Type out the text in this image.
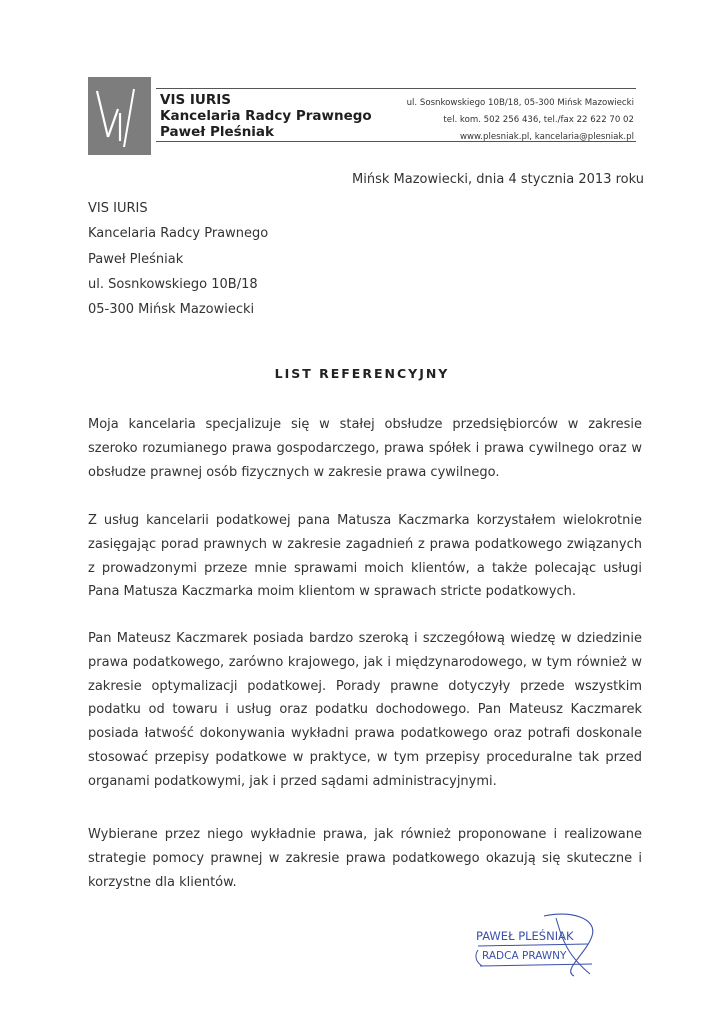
VIS IURIS
Kancelaria Radcy Prawnego
Paweł Pleśniak
ul. Sosnkowskiego 10B/18, 05-300 Mińsk Mazowiecki
tel. kom. 502 256 436, tel./fax 22 622 70 02
www.plesniak.pl, kancelaria@plesniak.pl
Mińsk Mazowiecki, dnia 4 stycznia 2013 roku
VIS IURIS
Kancelaria Radcy Prawnego
Paweł Pleśniak
ul. Sosnkowskiego 10B/18
05-300 Mińsk Mazowiecki
LIST REFERENCYJNY
Moja kancelaria specjalizuje się w stałej obsłudze przedsiębiorców w zakresie szeroko rozumianego prawa gospodarczego, prawa spółek i prawa cywilnego oraz w obsłudze prawnej osób fizycznych w zakresie prawa cywilnego.
Z usług kancelarii podatkowej pana Matusza Kaczmarka korzystałem wielokrotnie zasięgając porad prawnych w zakresie zagadnień z prawa podatkowego związanych z prowadzonymi przeze mnie sprawami moich klientów, a także polecając usługi Pana Matusza Kaczmarka moim klientom w sprawach stricte podatkowych.
Pan Mateusz Kaczmarek posiada bardzo szeroką i szczegółową wiedzę w dziedzinie prawa podatkowego, zarówno krajowego, jak i międzynarodowego, w tym również w zakresie optymalizacji podatkowej. Porady prawne dotyczyły przede wszystkim podatku od towaru i usług oraz podatku dochodowego. Pan Mateusz Kaczmarek posiada łatwość dokonywania wykładni prawa podatkowego oraz potrafi doskonale stosować przepisy podatkowe w praktyce, w tym przepisy proceduralne tak przed organami podatkowymi, jak i przed sądami administracyjnymi.
Wybierane przez niego wykładnie prawa, jak również proponowane i realizowane strategie pomocy prawnej w zakresie prawa podatkowego okazują się skuteczne i korzystne dla klientów.
PAWEŁ PLEŚNIAK
RADCA PRAWNY
